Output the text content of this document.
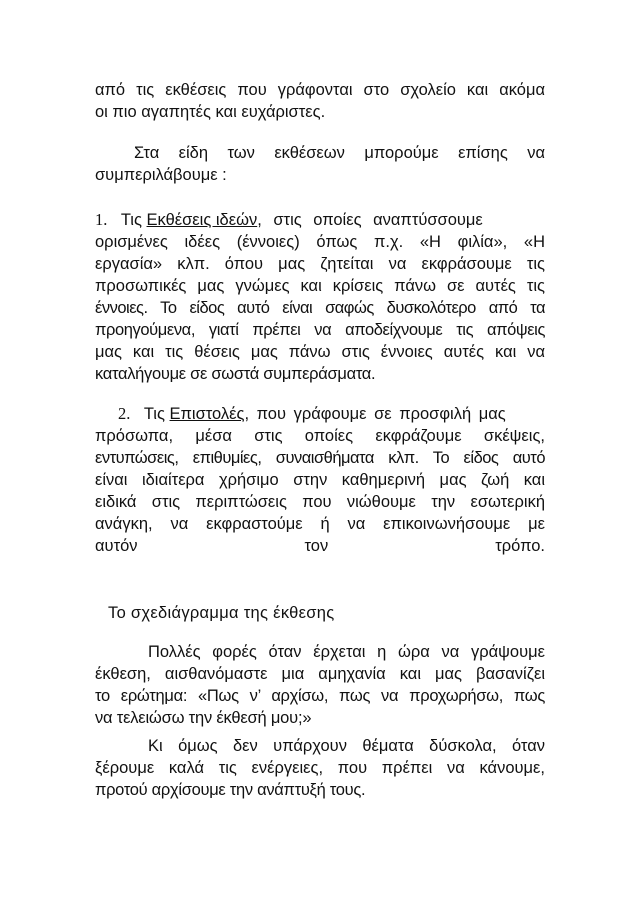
από τις εκθέσεις που γράφονται στο σχολείο και ακόμα
οι πιο αγαπητές και ευχάριστες.
Στα είδη των εκθέσεων μπορούμε επίσης να
συμπεριλάβουμε :
1. Τις Εκθέσεις ιδεών, στις οποίες αναπτύσσουμε
ορισμένες ιδέες (έννοιες) όπως π.χ. «Η φιλία», «Η
εργασία» κλπ. όπου μας ζητείται να εκφράσουμε τις
προσωπικές μας γνώμες και κρίσεις πάνω σε αυτές τις
έννοιες. Το είδος αυτό είναι σαφώς δυσκολότερο από τα
προηγούμενα, γιατί πρέπει να αποδείχνουμε τις απόψεις
μας και τις θέσεις μας πάνω στις έννοιες αυτές και να
καταλήγουμε σε σωστά συμπεράσματα.
2. Τις Επιστολές, που γράφουμε σε προσφιλή μας
πρόσωπα, μέσα στις οποίες εκφράζουμε σκέψεις,
εντυπώσεις, επιθυμίες, συναισθήματα κλπ. Το είδος αυτό
είναι ιδιαίτερα χρήσιμο στην καθημερινή μας ζωή και
ειδικά στις περιπτώσεις που νιώθουμε την εσωτερική
ανάγκη, να εκφραστούμε ή να επικοινωνήσουμε με
αυτόν τον τρόπο.
Το σχεδιάγραμμα της έκθεσης
Πολλές φορές όταν έρχεται η ώρα να γράψουμε
έκθεση, αισθανόμαστε μια αμηχανία και μας βασανίζει
το ερώτημα: «Πως ν’ αρχίσω, πως να προχωρήσω, πως
να τελειώσω την έκθεσή μου;»
Κι όμως δεν υπάρχουν θέματα δύσκολα, όταν
ξέρουμε καλά τις ενέργειες, που πρέπει να κάνουμε,
προτού αρχίσουμε την ανάπτυξή τους.
